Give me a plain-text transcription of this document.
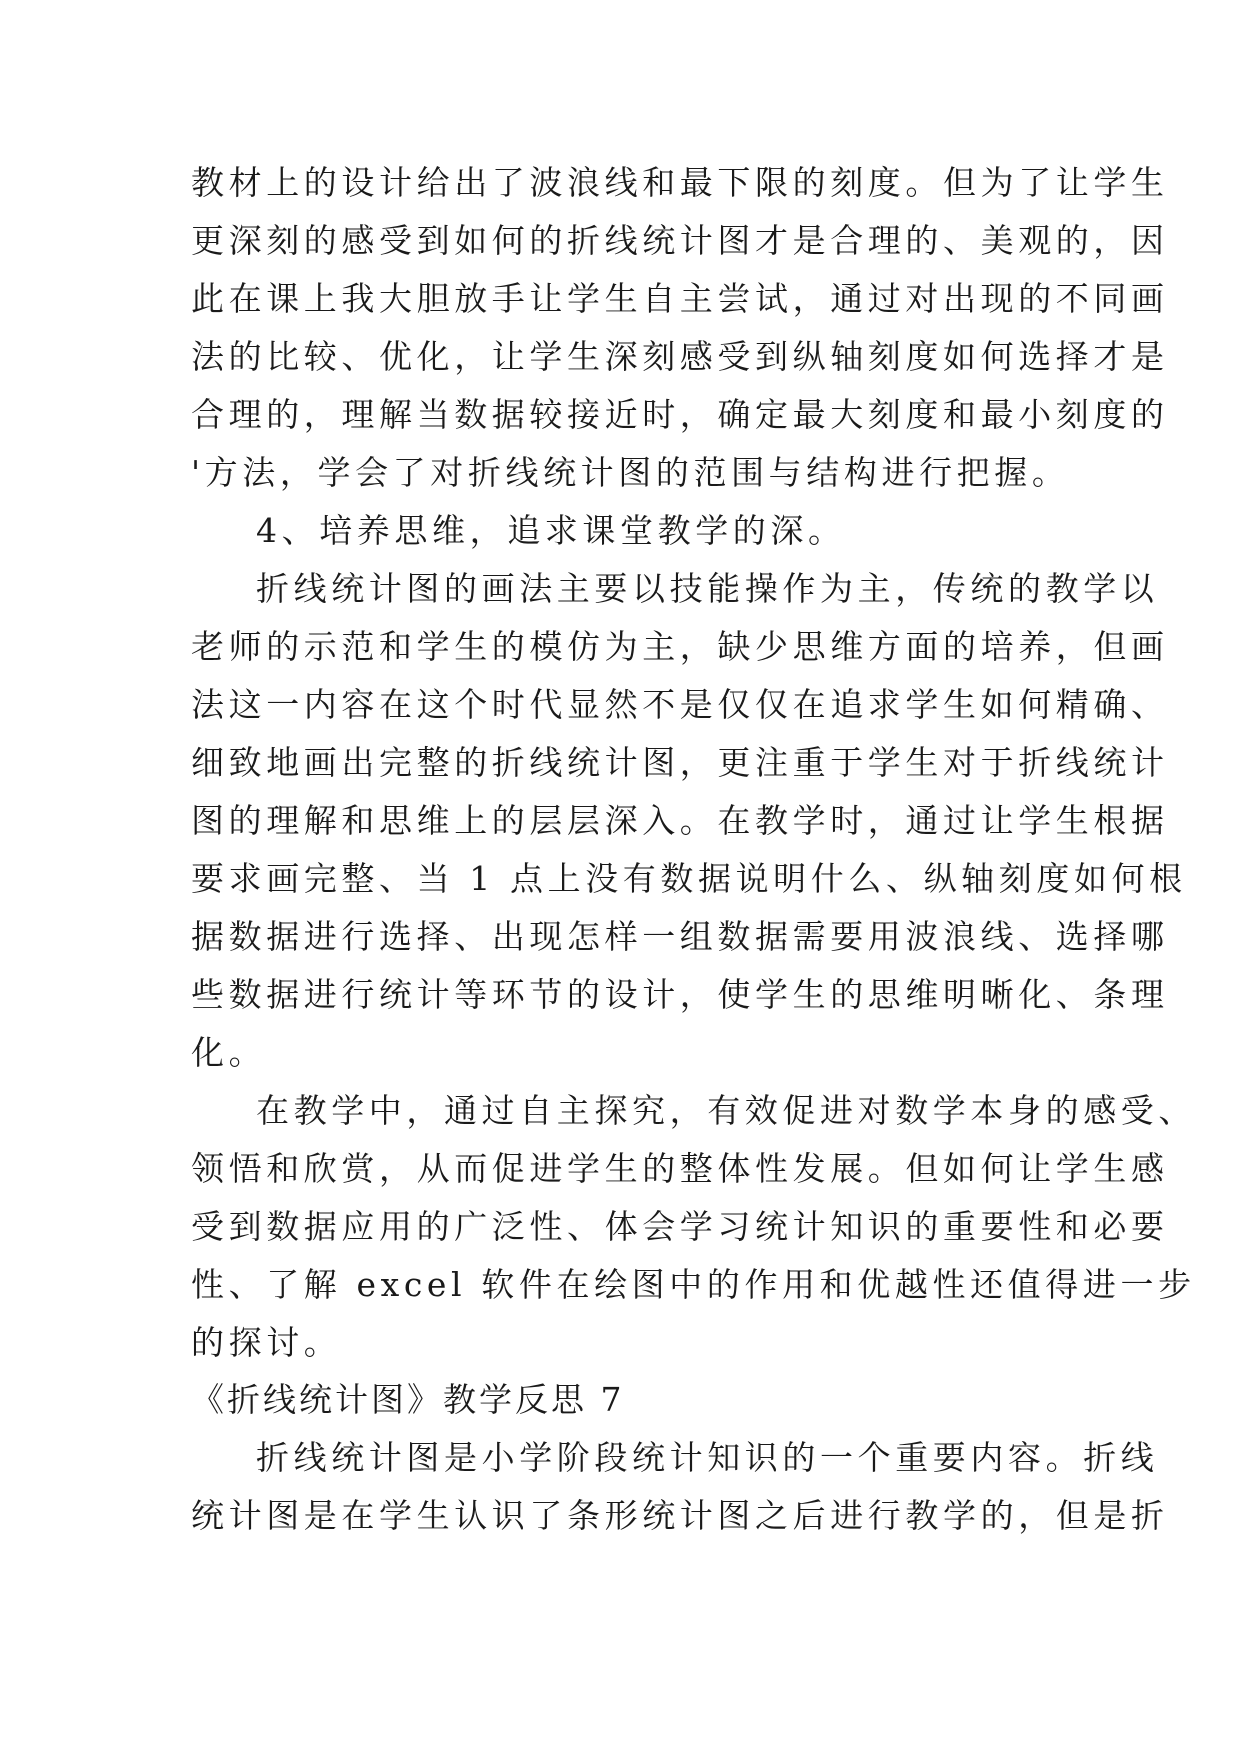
教材上的设计给出了波浪线和最下限的刻度。但为了让学生
更深刻的感受到如何的折线统计图才是合理的、美观的，因
此在课上我大胆放手让学生自主尝试，通过对出现的不同画
法的比较、优化，让学生深刻感受到纵轴刻度如何选择才是
合理的，理解当数据较接近时，确定最大刻度和最小刻度的
'方法，学会了对折线统计图的范围与结构进行把握。
4、培养思维，追求课堂教学的深。
折线统计图的画法主要以技能操作为主，传统的教学以
老师的示范和学生的模仿为主，缺少思维方面的培养，但画
法这一内容在这个时代显然不是仅仅在追求学生如何精确、
细致地画出完整的折线统计图，更注重于学生对于折线统计
图的理解和思维上的层层深入。在教学时，通过让学生根据
要求画完整、当 1 点上没有数据说明什么、纵轴刻度如何根
据数据进行选择、出现怎样一组数据需要用波浪线、选择哪
些数据进行统计等环节的设计，使学生的思维明晰化、条理
化。
在教学中，通过自主探究，有效促进对数学本身的感受、
领悟和欣赏，从而促进学生的整体性发展。但如何让学生感
受到数据应用的广泛性、体会学习统计知识的重要性和必要
性、了解 excel 软件在绘图中的作用和优越性还值得进一步
的探讨。
《折线统计图》教学反思 7
折线统计图是小学阶段统计知识的一个重要内容。折线
统计图是在学生认识了条形统计图之后进行教学的，但是折
